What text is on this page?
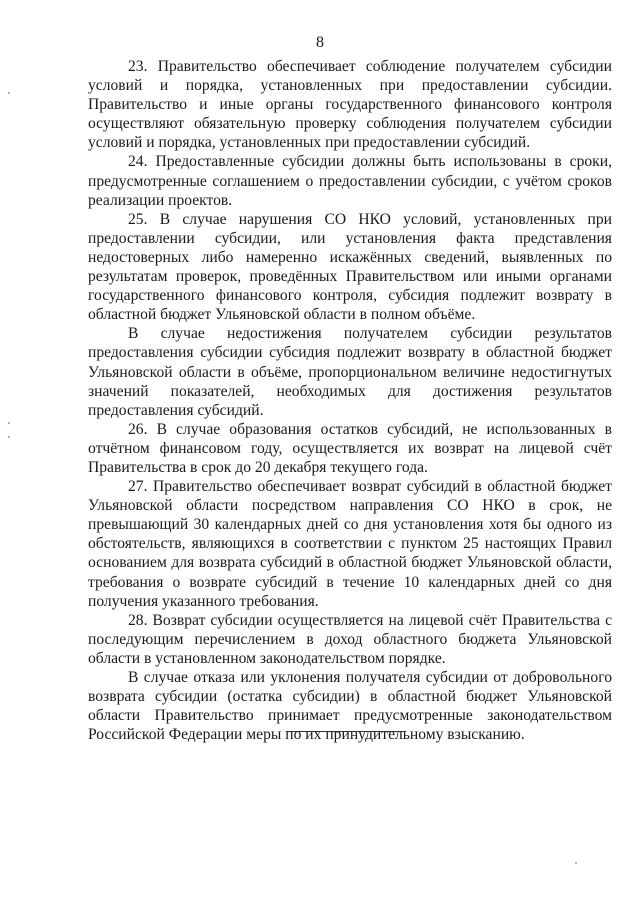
8

23. Правительство обеспечивает соблюдение получателем субсидии условий и порядка, установленных при предоставлении субсидии. Правительство и иные органы государственного финансового контроля осуществляют обязательную проверку соблюдения получателем субсидии условий и порядка, установленных при предоставлении субсидий.

24. Предоставленные субсидии должны быть использованы в сроки, предусмотренные соглашением о предоставлении субсидии, с учётом сроков реализации проектов.

25. В случае нарушения СО НКО условий, установленных при предоставлении субсидии, или установления факта представления недостоверных либо намеренно искажённых сведений, выявленных по результатам проверок, проведённых Правительством или иными органами государственного финансового контроля, субсидия подлежит возврату в областной бюджет Ульяновской области в полном объёме.

В случае недостижения получателем субсидии результатов предоставления субсидии субсидия подлежит возврату в областной бюджет Ульяновской области в объёме, пропорциональном величине недостигнутых значений показателей, необходимых для достижения результатов предоставления субсидий.

26. В случае образования остатков субсидий, не использованных в отчётном финансовом году, осуществляется их возврат на лицевой счёт Правительства в срок до 20 декабря текущего года.

27. Правительство обеспечивает возврат субсидий в областной бюджет Ульяновской области посредством направления СО НКО в срок, не превышающий 30 календарных дней со дня установления хотя бы одного из обстоятельств, являющихся в соответствии с пунктом 25 настоящих Правил основанием для возврата субсидий в областной бюджет Ульяновской области, требования о возврате субсидий в течение 10 календарных дней со дня получения указанного требования.

28. Возврат субсидии осуществляется на лицевой счёт Правительства с последующим перечислением в доход областного бюджета Ульяновской области в установленном законодательством порядке.

В случае отказа или уклонения получателя субсидии от добровольного возврата субсидии (остатка субсидии) в областной бюджет Ульяновской области Правительство принимает предусмотренные законодательством Российской Федерации меры по их принудительному взысканию.
